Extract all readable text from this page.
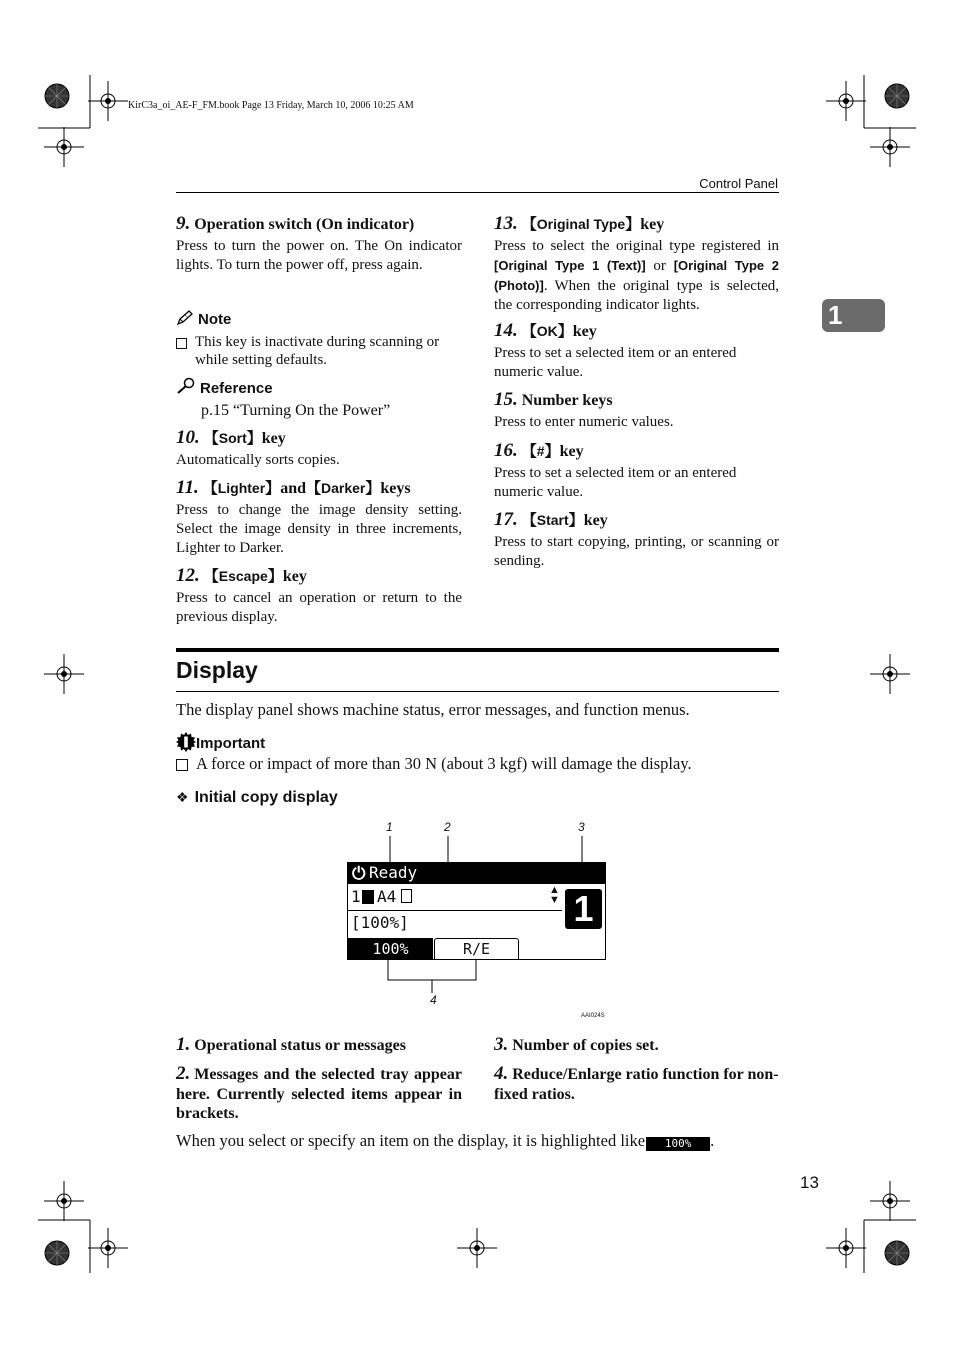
KirC3a_oi_AE-F_FM.book Page 13 Friday, March 10, 2006 10:25 AM
Control Panel
1
9. Operation switch (On indicator)
Press to turn the power on. The On indicator lights. To turn the power off, press again.
Note
This key is inactivate during scanning or while setting defaults.
Reference
p.15 “Turning On the Power”
10. 【Sort】key
Automatically sorts copies.
11. 【Lighter】and【Darker】keys
Press to change the image density setting. Select the image density in three increments, Lighter to Darker.
12. 【Escape】key
Press to cancel an operation or return to the previous display.
13. 【Original Type】key
Press to select the original type registered in [Original Type 1 (Text)] or [Original Type 2 (Photo)]. When the original type is selected, the corresponding indicator lights.
14. 【OK】key
Press to set a selected item or an entered numeric value.
15. Number keys
Press to enter numeric values.
16. 【#】key
Press to set a selected item or an entered numeric value.
17. 【Start】key
Press to start copying, printing, or scanning or sending.
Display
The display panel shows machine status, error messages, and function menus.
Important
A force or impact of more than 30 N (about 3 kgf) will damage the display.
❖ Initial copy display
1	2	3
4
⏻ Ready
1 A4	▲
▼
[100%]	1
100%	R/E
AAI024S
1. Operational status or messages
2. Messages and the selected tray appear here. Currently selected items appear in brackets.
3. Number of copies set.
4. Reduce/Enlarge ratio function for non-fixed ratios.
When you select or specify an item on the display, it is highlighted like 100% .
13
